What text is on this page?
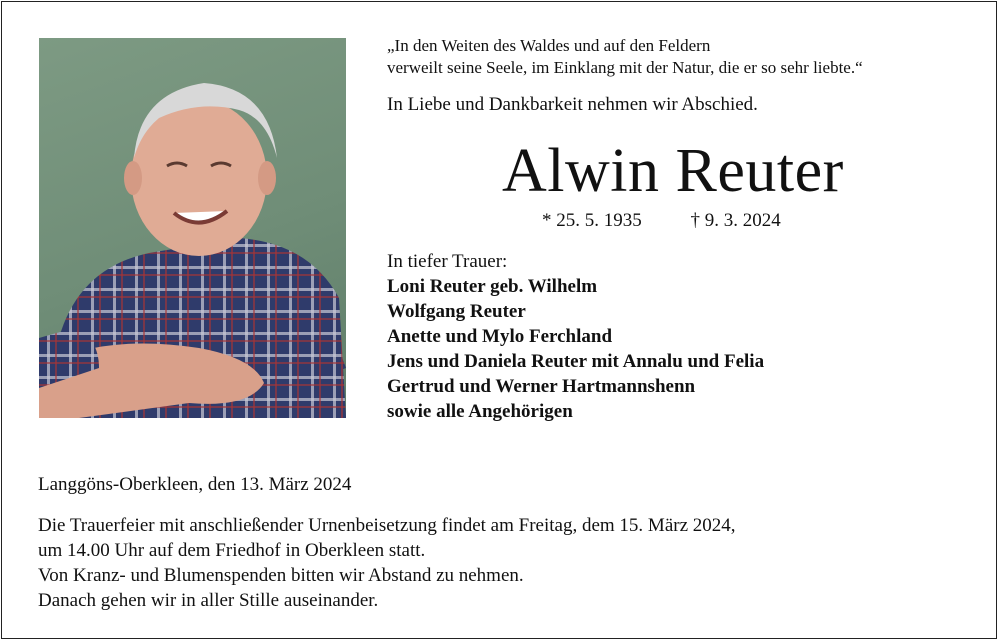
„In den Weiten des Waldes und auf den Feldern
verweilt seine Seele, im Einklang mit der Natur, die er so sehr liebte.“
In Liebe und Dankbarkeit nehmen wir Abschied.
Alwin Reuter
* 25. 5. 1935	† 9. 3. 2024
In tiefer Trauer:
Loni Reuter geb. Wilhelm
Wolfgang Reuter
Anette und Mylo Ferchland
Jens und Daniela Reuter mit Annalu und Felia
Gertrud und Werner Hartmannshenn
sowie alle Angehörigen
Langgöns-Oberkleen, den 13. März 2024
Die Trauerfeier mit anschließender Urnenbeisetzung findet am Freitag, dem 15. März 2024,
um 14.00 Uhr auf dem Friedhof in Oberkleen statt.
Von Kranz- und Blumenspenden bitten wir Abstand zu nehmen.
Danach gehen wir in aller Stille auseinander.
